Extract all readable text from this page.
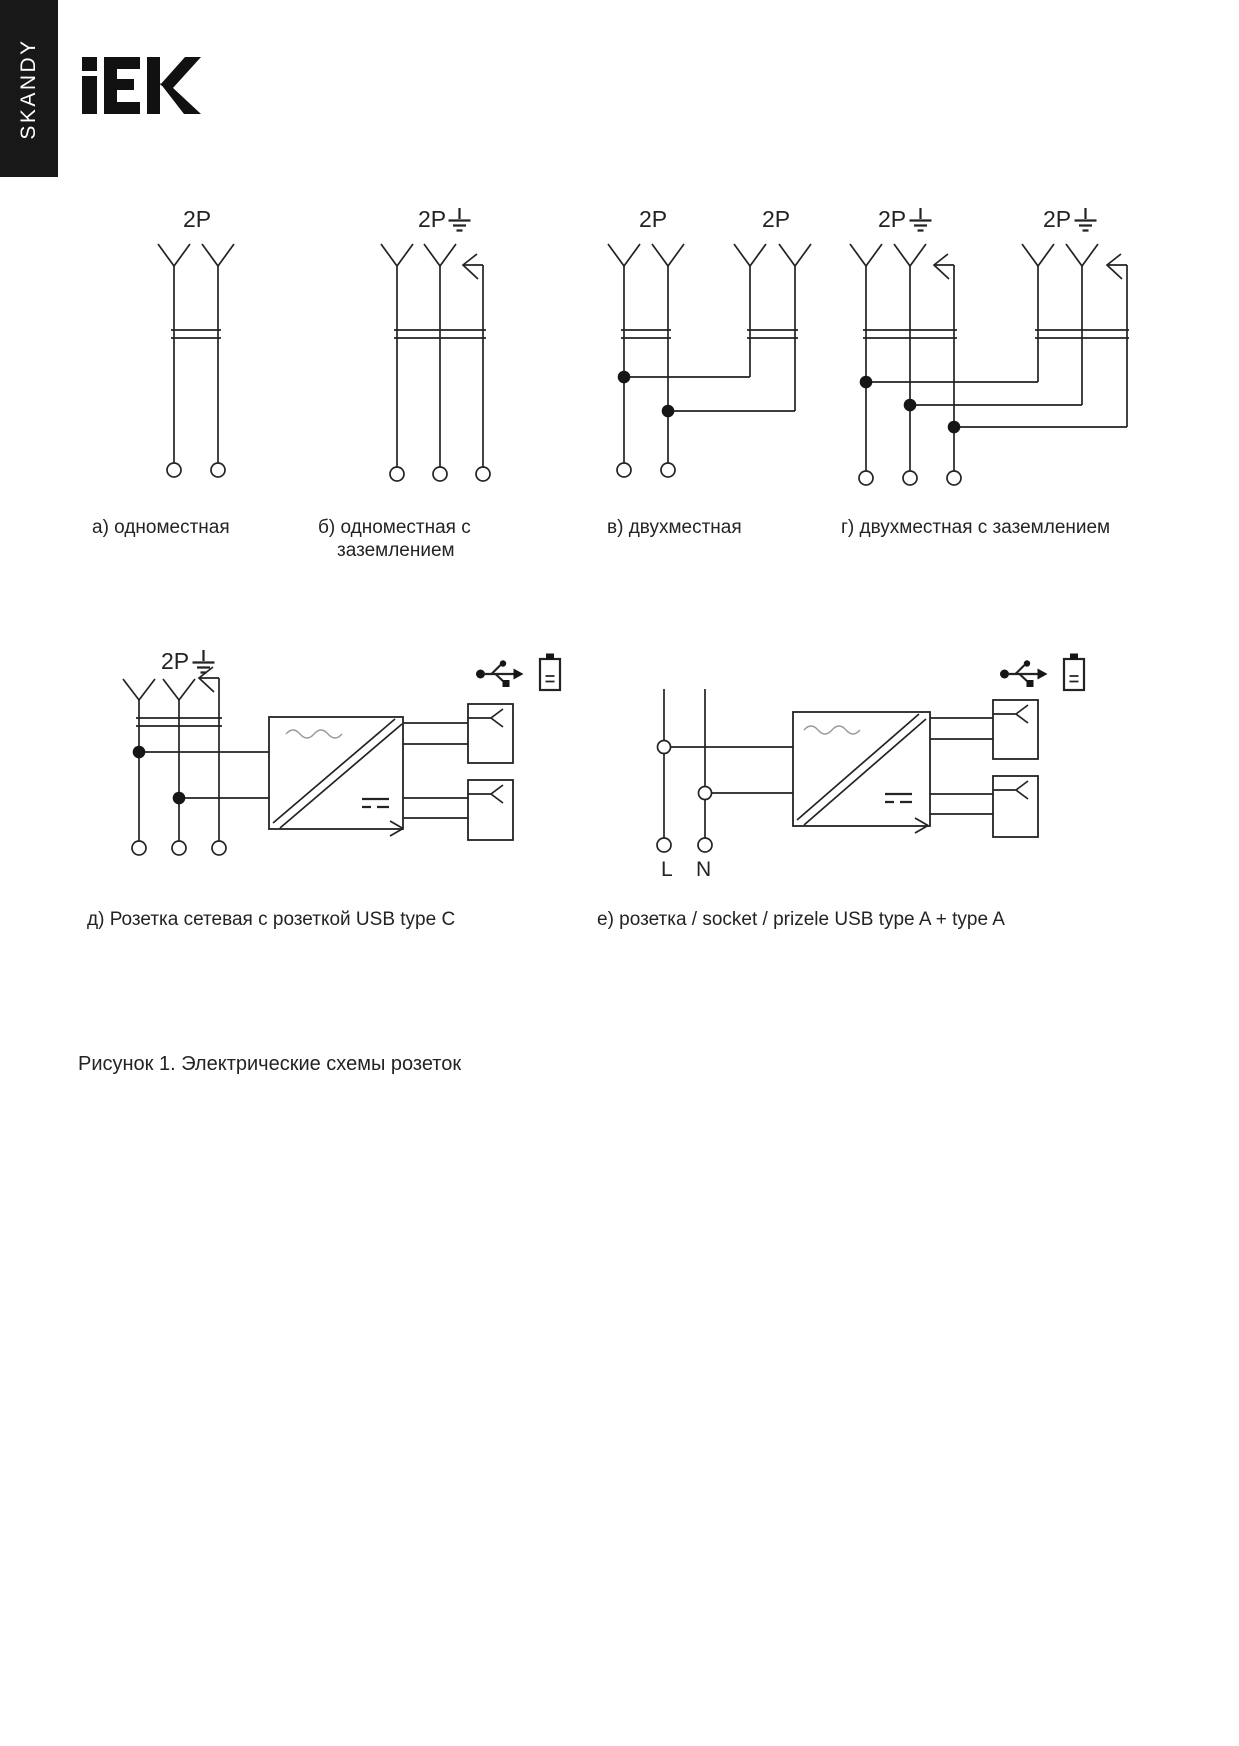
SKANDY
2P	2P	2P	2P	2P	2P
2P
L N
а) одноместная	б) одноместная с
заземлением
в) двухместная	г) двухместная с заземлением
д) Розетка сетевая с розеткой USB type C	е) розетка / socket / prizele USB type A + type A
Рисунок 1. Электрические схемы розеток
